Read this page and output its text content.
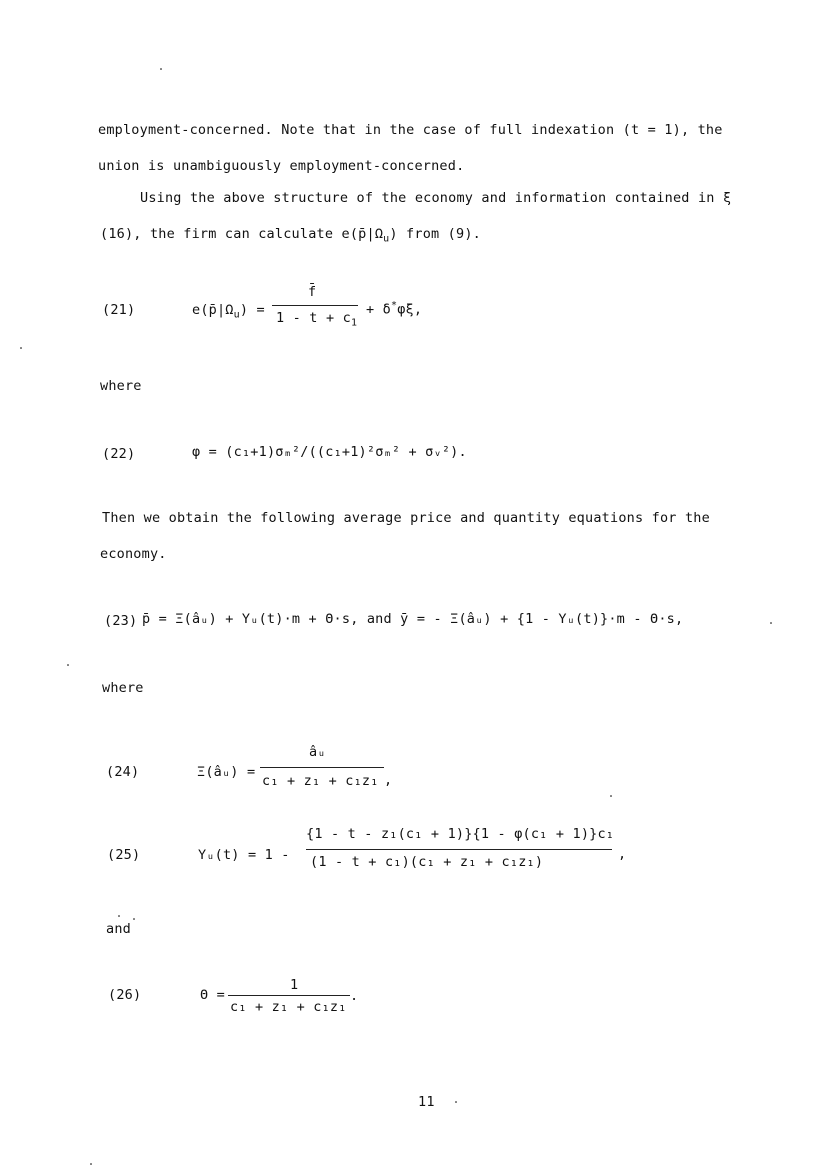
employment-concerned. Note that in the case of full indexation (t = 1), the
union is unambiguously employment-concerned.
Using the above structure of the economy and information contained in ξ
(16), the firm can calculate $e(p̄|\Omega_u)$ from (9).
(21)	$e(p̄|\Omega_u)$ =
f̄
$1 - t + c_1$
+ δ*φξ,
where
(22)	φ = (c₁+1)σₘ²/((c₁+1)²σₘ² + σᵥ²).
Then we obtain the following average price and quantity equations for the
economy.
(23) p̄ = Ξ(âᵤ) + Υᵤ(t)·m + Θ·s, and ȳ = - Ξ(âᵤ) + {1 - Υᵤ(t)}·m - Θ·s,
where
(24)	Ξ(âᵤ) =
âᵤ
c₁ + z₁ + c₁z₁ ,
(25)	Υᵤ(t) = 1 -
{1 - t - z₁(c₁ + 1)}{1 - φ(c₁ + 1)}c₁
(1 - t + c₁)(c₁ + z₁ + c₁z₁)	,
and
(26)	Θ =
1
c₁ + z₁ + c₁z₁
.
11
